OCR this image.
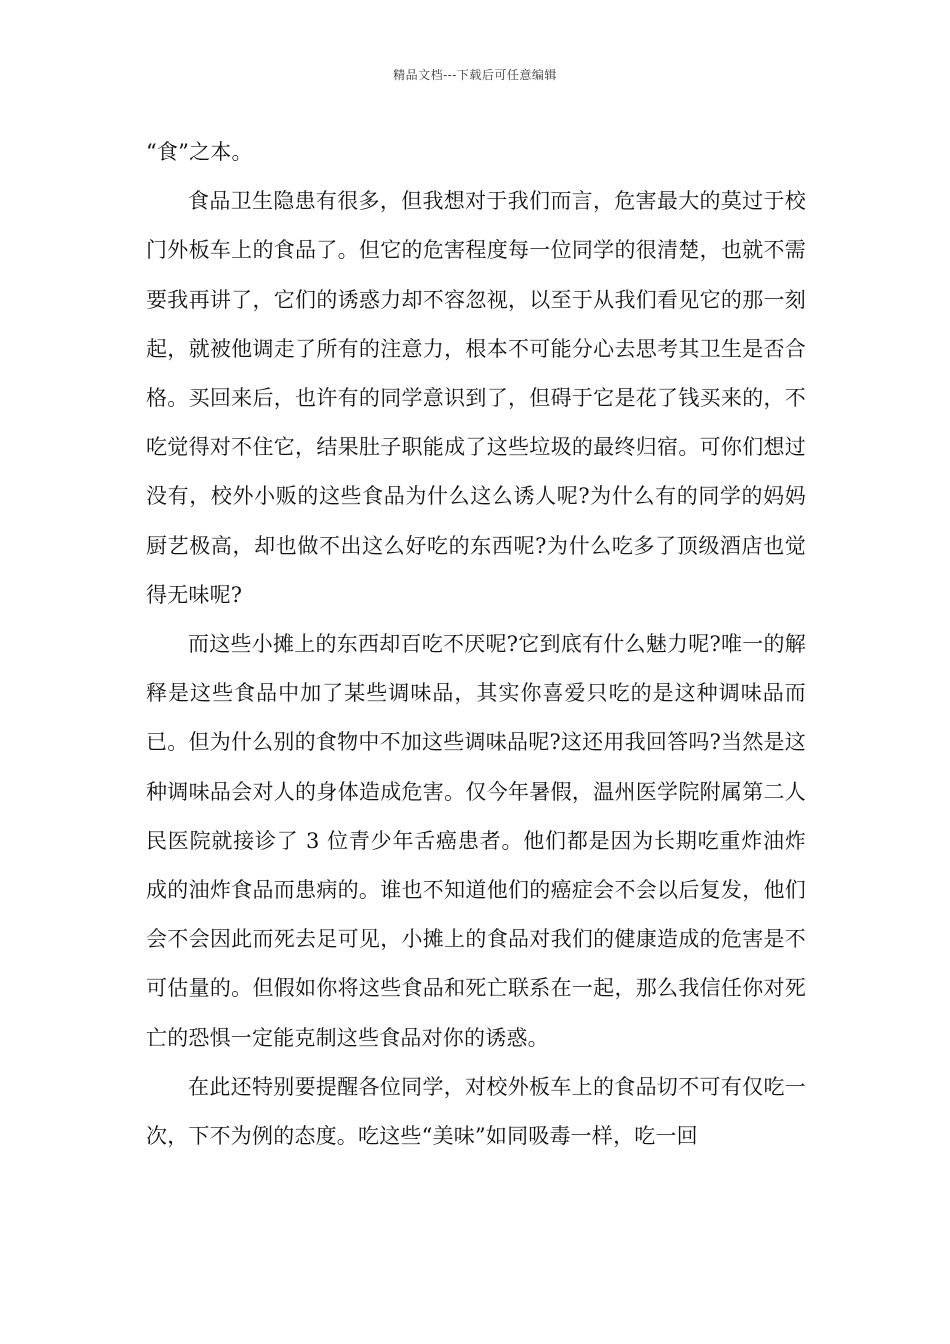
精品文档---下载后可任意编辑

“食”之本。

食品卫生隐患有很多，但我想对于我们而言，危害最大的莫过于校门外板车上的食品了。但它的危害程度每一位同学的很清楚，也就不需要我再讲了，它们的诱惑力却不容忽视，以至于从我们看见它的那一刻起，就被他调走了所有的注意力，根本不可能分心去思考其卫生是否合格。买回来后，也许有的同学意识到了，但碍于它是花了钱买来的，不吃觉得对不住它，结果肚子职能成了这些垃圾的最终归宿。可你们想过没有，校外小贩的这些食品为什么这么诱人呢?为什么有的同学的妈妈厨艺极高，却也做不出这么好吃的东西呢?为什么吃多了顶级酒店也觉得无味呢?

而这些小摊上的东西却百吃不厌呢?它到底有什么魅力呢?唯一的解释是这些食品中加了某些调味品，其实你喜爱只吃的是这种调味品而已。但为什么别的食物中不加这些调味品呢?这还用我回答吗?当然是这种调味品会对人的身体造成危害。仅今年暑假，温州医学院附属第二人民医院就接诊了 3 位青少年舌癌患者。他们都是因为长期吃重炸油炸成的油炸食品而患病的。谁也不知道他们的癌症会不会以后复发，他们会不会因此而死去足可见，小摊上的食品对我们的健康造成的危害是不可估量的。但假如你将这些食品和死亡联系在一起，那么我信任你对死亡的恐惧一定能克制这些食品对你的诱惑。

在此还特别要提醒各位同学，对校外板车上的食品切不可有仅吃一次，下不为例的态度。吃这些“美味”如同吸毒一样，吃一回
